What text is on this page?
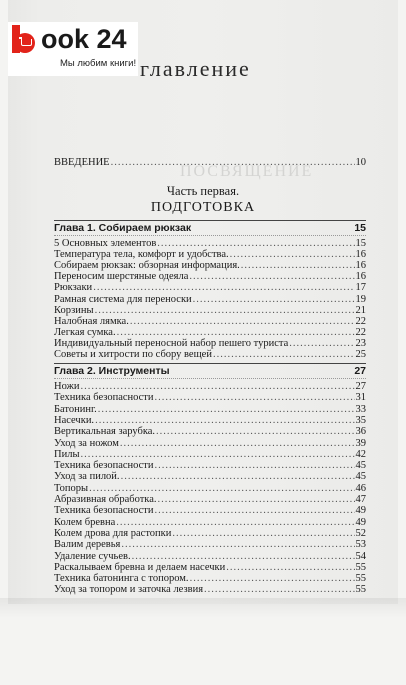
ook 24
Мы любим книги! главление
ПОСВЯЩЕНИЕ
ВВЕДЕНИЕ .....	10
Часть первая.
ПОДГОТОВКА
Глава 1. Собираем рюкзак	15
5 Основных элементов .....	15
Температура тела, комфорт и удобства. .....	16
Собираем рюкзак: обзорная информация. .....	16
Переносим шерстяные одеяла .....	16
Рюкзаки .....	17
Рамная система для переноски .....	19
Корзины .....	21
Налобная лямка. .....	22
Легкая сумка. .....	22
Индивидуальный переносной набор пешего туриста .....	23
Советы и хитрости по сбору вещей .....	25
Глава 2. Инструменты	27
Ножи .....	27
Техника безопасности .....	31
Батонинг. .....	33
Насечки. .....	35
Вертикальная зарубка. .....	36
Уход за ножом .....	39
Пилы .....	42
Техника безопасности .....	45
Уход за пилой. .....	45
Топоры .....	46
Абразивная обработка. .....	47
Техника безопасности .....	49
Колем бревна .....	49
Колем дрова для растопки .....	52
Валим деревья .....	53
Удаление сучьев. .....	54
Раскалываем бревна и делаем насечки .....	55
Техника батонинга с топором. .....	55
Уход за топором и заточка лезвия .....	55
